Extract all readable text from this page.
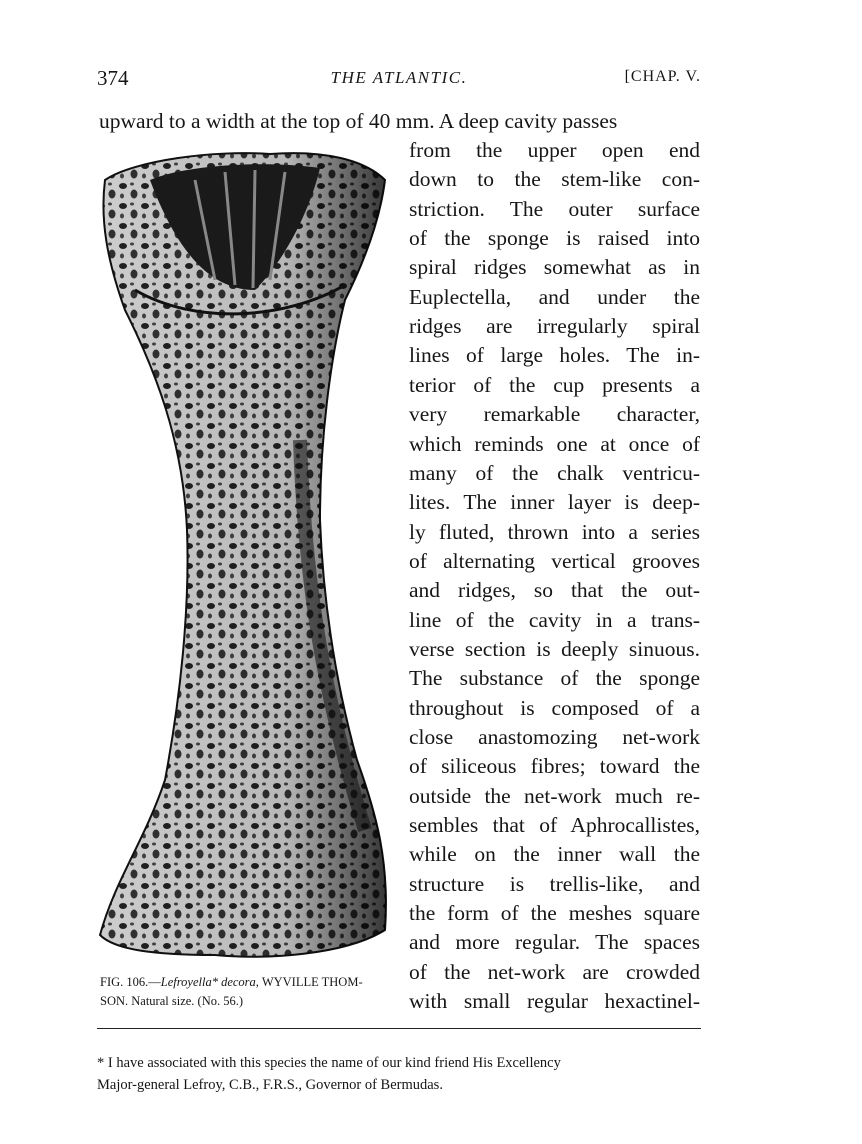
374	THE ATLANTIC.	[CHAP. V.
upward to a width at the top of 40 mm. A deep cavity passes
from the upper open end
down to the stem-like con-
striction. The outer surface
of the sponge is raised into
spiral ridges somewhat as in
Euplectella, and under the
ridges are irregularly spiral
lines of large holes. The in-
terior of the cup presents a
very remarkable character,
which reminds one at once of
many of the chalk ventricu-
lites. The inner layer is deep-
ly fluted, thrown into a series
of alternating vertical grooves
and ridges, so that the out-
line of the cavity in a trans-
verse section is deeply sinuous.
The substance of the sponge
throughout is composed of a
close anastomozing net-work
of siliceous fibres; toward the
outside the net-work much re-
sembles that of Aphrocallistes,
while on the inner wall the
structure is trellis-like, and
the form of the meshes square
and more regular. The spaces
of the net-work are crowded
with small regular hexactinel-
FIG. 106.—Lefroyella* decora, WYVILLE THOM-
SON. Natural size. (No. 56.)
* I have associated with this species the name of our kind friend His Excellency
Major-general Lefroy, C.B., F.R.S., Governor of Bermudas.
